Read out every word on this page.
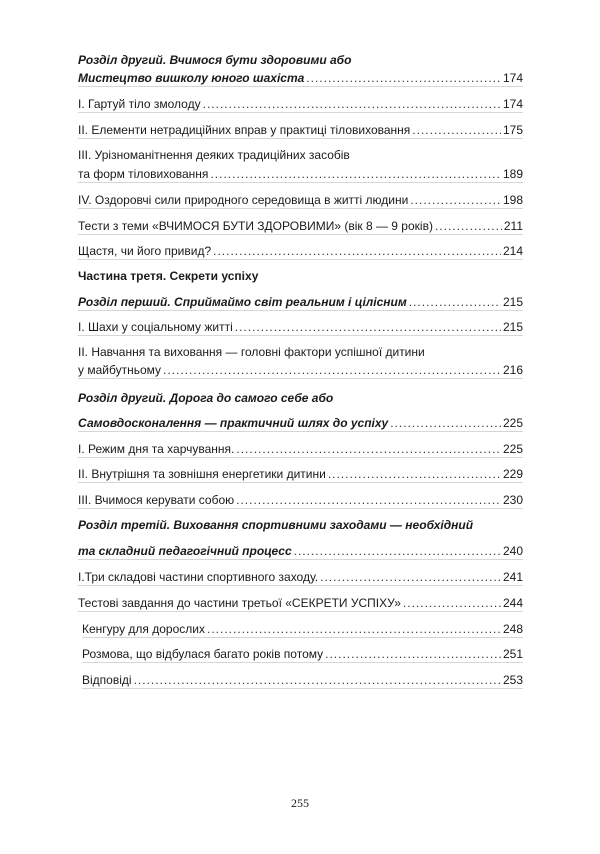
Розділ другий. Вчимося бути здоровими або
Мистецтво вишколу юного шахіста .....	174
I. Гартуй тіло змолоду .....	174
II. Елементи нетрадиційних вправ у практиці тіловиховання .....	175
III. Урізноманітнення деяких традиційних засобів
та форм тіловиховання .....	189
IV. Оздоровчі сили природного середовища в житті людини .....	198
Тести з теми «ВЧИМОСЯ БУТИ ЗДОРОВИМИ» (вік 8 — 9 років) .....	211
Щастя, чи його привид? .....	214
Частина третя. Секрети успіху
Розділ перший. Сприймаймо світ реальним і цілісним .....	215
I. Шахи у соціальному житті .....	215
II. Навчання та виховання — головні фактори успішної дитини
у майбутньому .....	216
Розділ другий. Дорога до самого себе або
Самовдосконалення — практичний шлях до успіху .....	225
I. Режим дня та харчування. .....	225
II. Внутрішня та зовнішня енергетики дитини .....	229
III. Вчимося керувати собою .....	230
Розділ третій. Виховання спортивними заходами — необхідний
та складний педагогічний процесс .....	240
I.Три складові частини спортивного заходу. .....	241
Тестові завдання до частини третьої «СЕКРЕТИ УСПІХУ» .....	244
Кенгуру для дорослих .....	248
Розмова, що відбулася багато років потому .....	251
Відповіді .....	253
255
